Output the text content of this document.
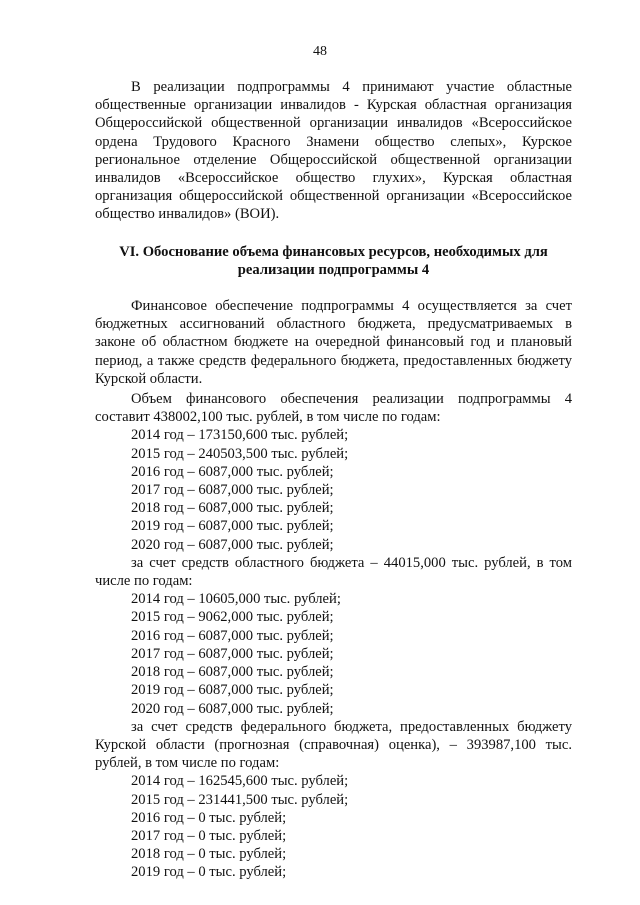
48

В реализации подпрограммы 4 принимают участие областные общественные организации инвалидов - Курская областная организация Общероссийской общественной организации инвалидов «Всероссийское ордена Трудового Красного Знамени общество слепых», Курское региональное отделение Общероссийской общественной организации инвалидов «Всероссийское общество глухих», Курская областная организация общероссийской общественной организации «Всероссийское общество инвалидов» (ВОИ).

VI. Обоснование объема финансовых ресурсов, необходимых для
реализации подпрограммы 4

Финансовое обеспечение подпрограммы 4 осуществляется за счет бюджетных ассигнований областного бюджета, предусматриваемых в законе об областном бюджете на очередной финансовый год и плановый период, а также средств федерального бюджета, предоставленных бюджету Курской области.

Объем финансового обеспечения реализации подпрограммы 4 составит 438002,100 тыс. рублей, в том числе по годам:

2014 год – 173150,600 тыс. рублей;
2015 год – 240503,500 тыс. рублей;
2016 год – 6087,000 тыс. рублей;
2017 год – 6087,000 тыс. рублей;
2018 год – 6087,000 тыс. рублей;
2019 год – 6087,000 тыс. рублей;
2020 год – 6087,000 тыс. рублей;

за счет средств областного бюджета – 44015,000 тыс. рублей, в том числе по годам:

2014 год – 10605,000 тыс. рублей;
2015 год – 9062,000 тыс. рублей;
2016 год – 6087,000 тыс. рублей;
2017 год – 6087,000 тыс. рублей;
2018 год – 6087,000 тыс. рублей;
2019 год – 6087,000 тыс. рублей;
2020 год – 6087,000 тыс. рублей;

за счет средств федерального бюджета, предоставленных бюджету Курской области (прогнозная (справочная) оценка), – 393987,100 тыс. рублей, в том числе по годам:

2014 год – 162545,600 тыс. рублей;
2015 год – 231441,500 тыс. рублей;
2016 год – 0 тыс. рублей;
2017 год – 0 тыс. рублей;
2018 год – 0 тыс. рублей;
2019 год – 0 тыс. рублей;
